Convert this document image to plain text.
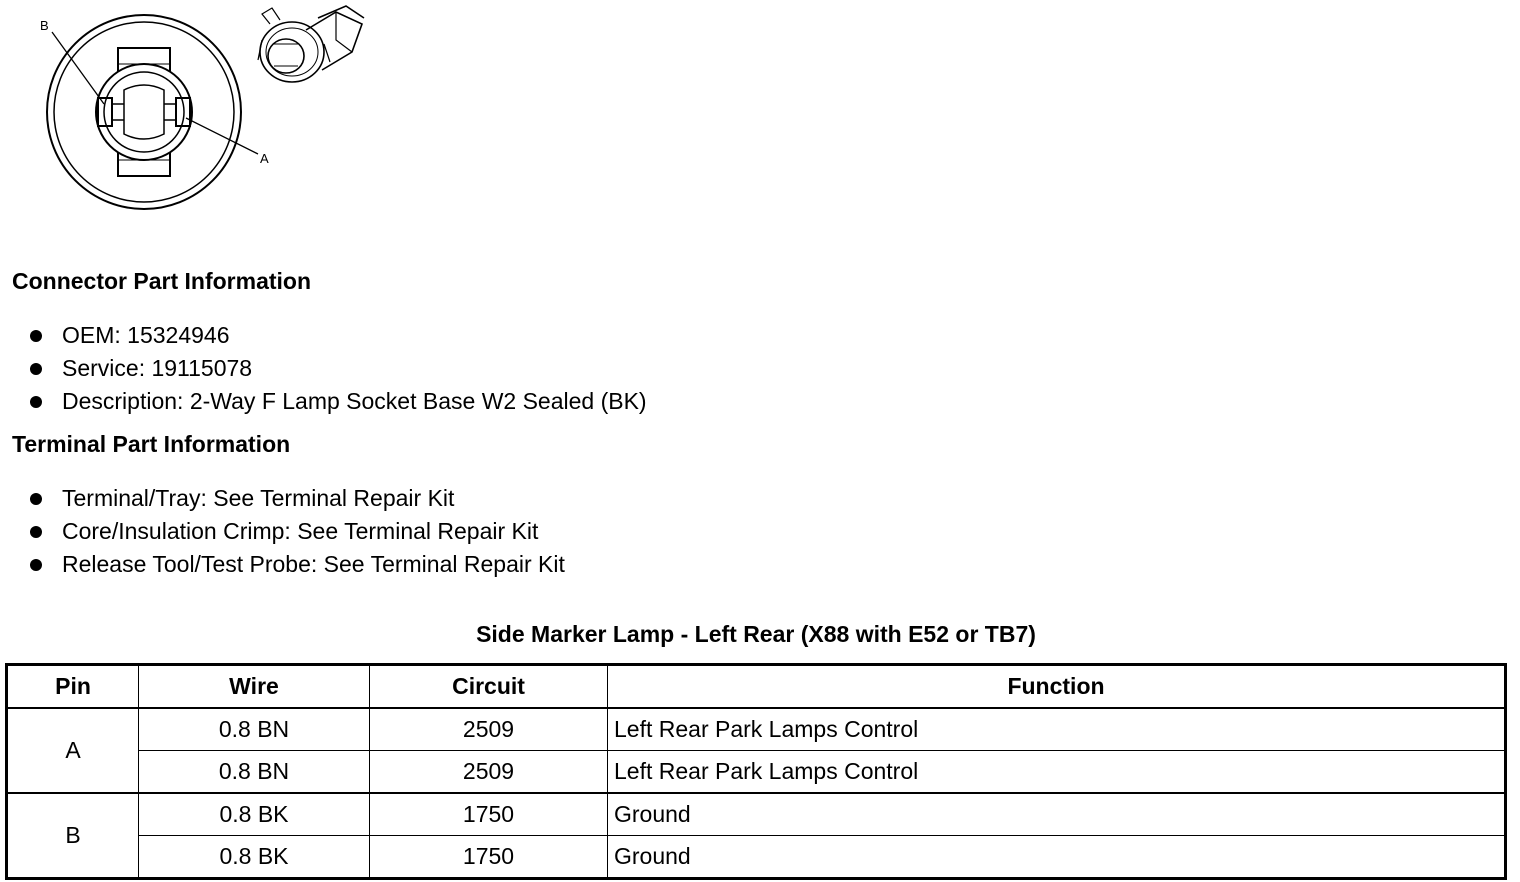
B
A
Connector Part Information
OEM: 15324946
Service: 19115078
Description: 2-Way F Lamp Socket Base W2 Sealed (BK)
Terminal Part Information
Terminal/Tray: See Terminal Repair Kit
Core/Insulation Crimp: See Terminal Repair Kit
Release Tool/Test Probe: See Terminal Repair Kit
Side Marker Lamp - Left Rear (X88 with E52 or TB7)
Pin	Wire	Circuit	Function
A	0.8 BN	2509	Left Rear Park Lamps Control
	0.8 BN	2509	Left Rear Park Lamps Control
B	0.8 BK	1750	Ground
	0.8 BK	1750	Ground
